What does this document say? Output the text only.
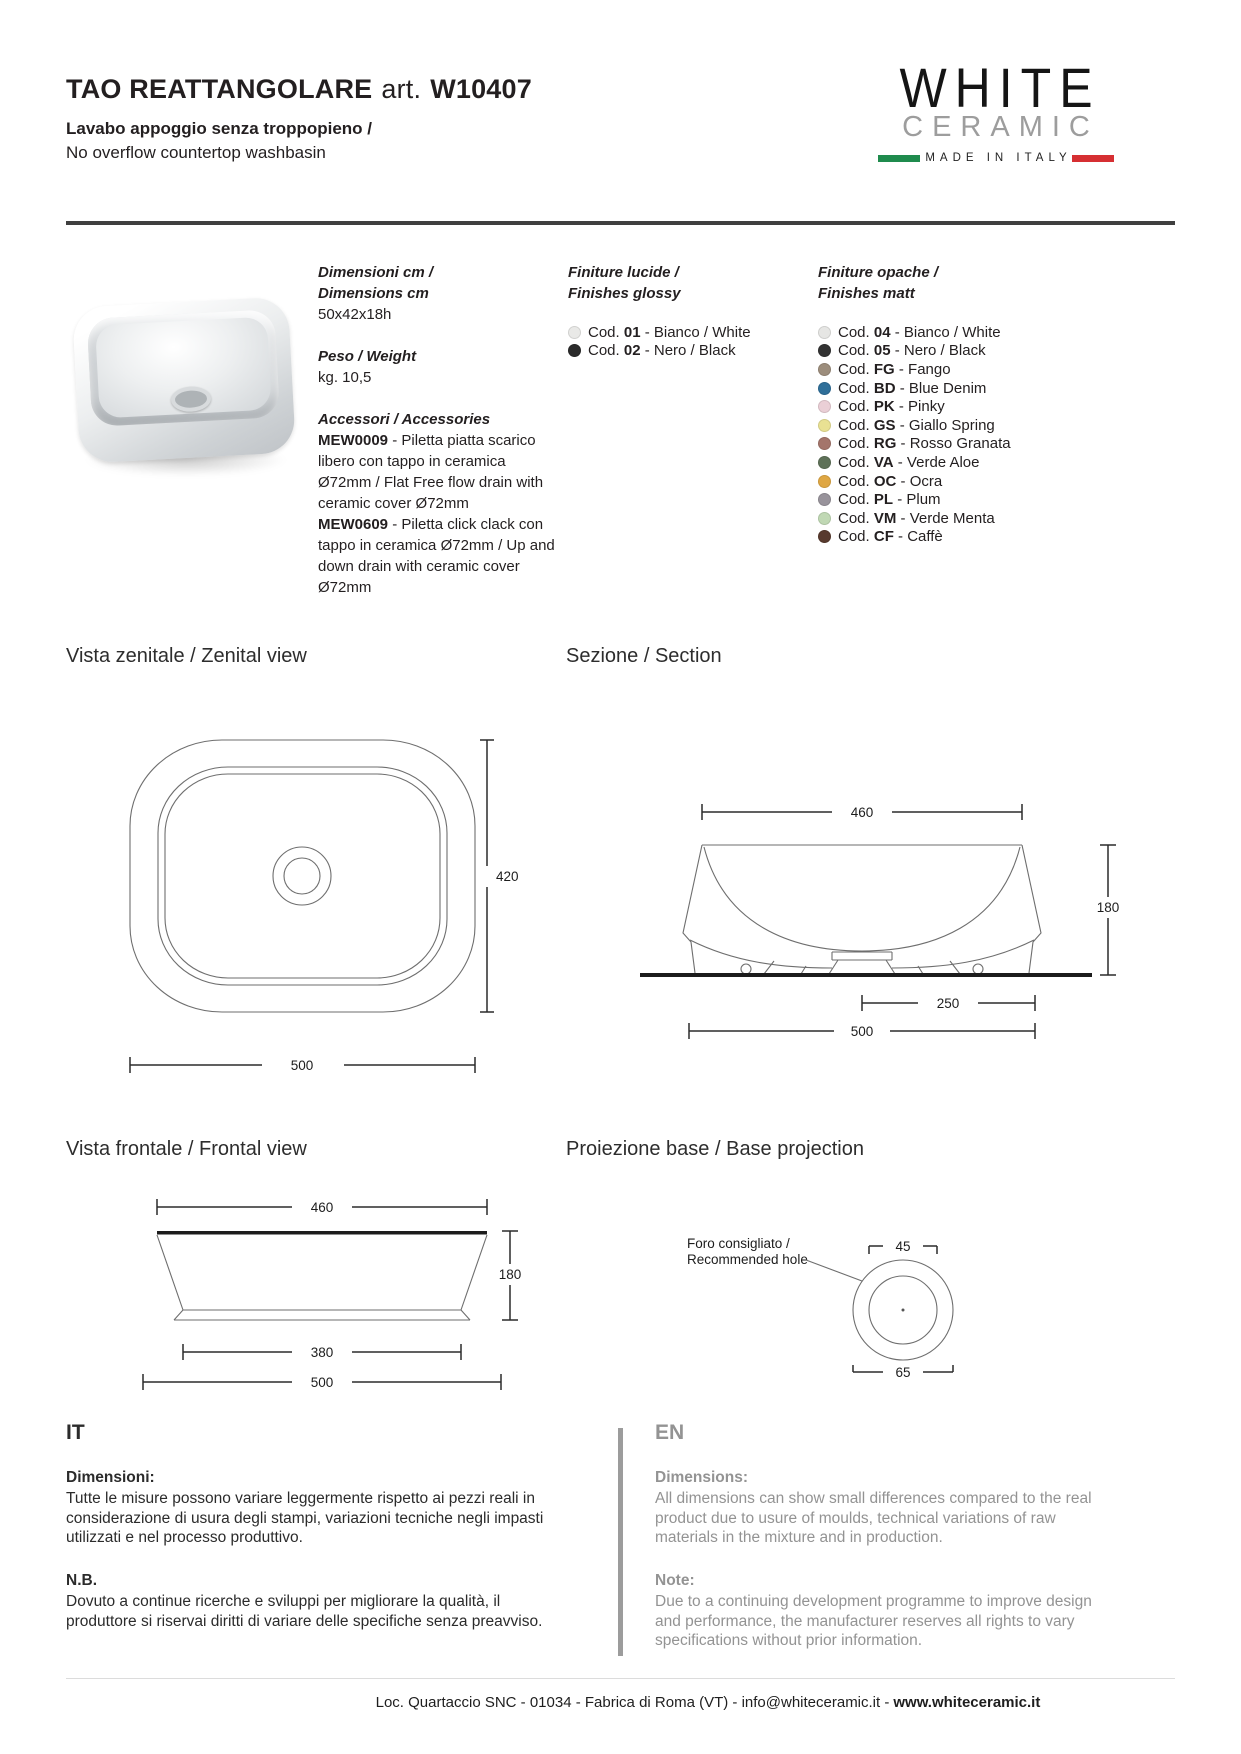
TAO REATTANGOLARE art. W10407
Lavabo appoggio senza troppopieno /
No overflow countertop washbasin
WHITE
CERAMIC
MADE IN ITALY
Dimensioni cm /
Dimensions cm
50x42x18h
Peso / Weight
kg. 10,5
Accessori / Accessories
MEW0009 - Piletta piatta scarico libero con tappo in ceramica Ø72mm / Flat Free flow drain with ceramic cover Ø72mm
MEW0609 - Piletta click clack con tappo in ceramica Ø72mm / Up and down drain with ceramic cover Ø72mm
Finiture lucide /
Finishes glossy
Cod. 01 - Bianco / White
Cod. 02 - Nero / Black
Finiture opache /
Finishes matt
Cod. 04 - Bianco / White
Cod. 05 - Nero / Black
Cod. FG - Fango
Cod. BD - Blue Denim
Cod. PK - Pinky
Cod. GS - Giallo Spring
Cod. RG - Rosso Granata
Cod. VA - Verde Aloe
Cod. OC - Ocra
Cod. PL - Plum
Cod. VM - Verde Menta
Cod. CF - Caffè
Vista zenitale / Zenital view	Sezione / Section
420
500
460
180
250
500
Vista frontale / Frontal view	Proiezione base / Base projection
460
180
380
500
45
Foro consigliato /
Recommended hole
65
IT
Dimensioni:
Tutte le misure possono variare leggermente rispetto ai pezzi reali in considerazione di usura degli stampi, variazioni tecniche negli impasti utilizzati e nel processo produttivo.
N.B.
Dovuto a continue ricerche e sviluppi per migliorare la qualità, il produttore si riservai diritti di variare delle specifiche senza preavviso.
EN
Dimensions:
All dimensions can show small differences compared to the real product due to usure of moulds, technical variations of raw materials in the mixture and in production.
Note:
Due to a continuing development programme to improve design and performance, the manufacturer reserves all rights to vary specifications without prior information.
Loc. Quartaccio SNC - 01034 - Fabrica di Roma (VT) - info@whiteceramic.it - www.whiteceramic.it
